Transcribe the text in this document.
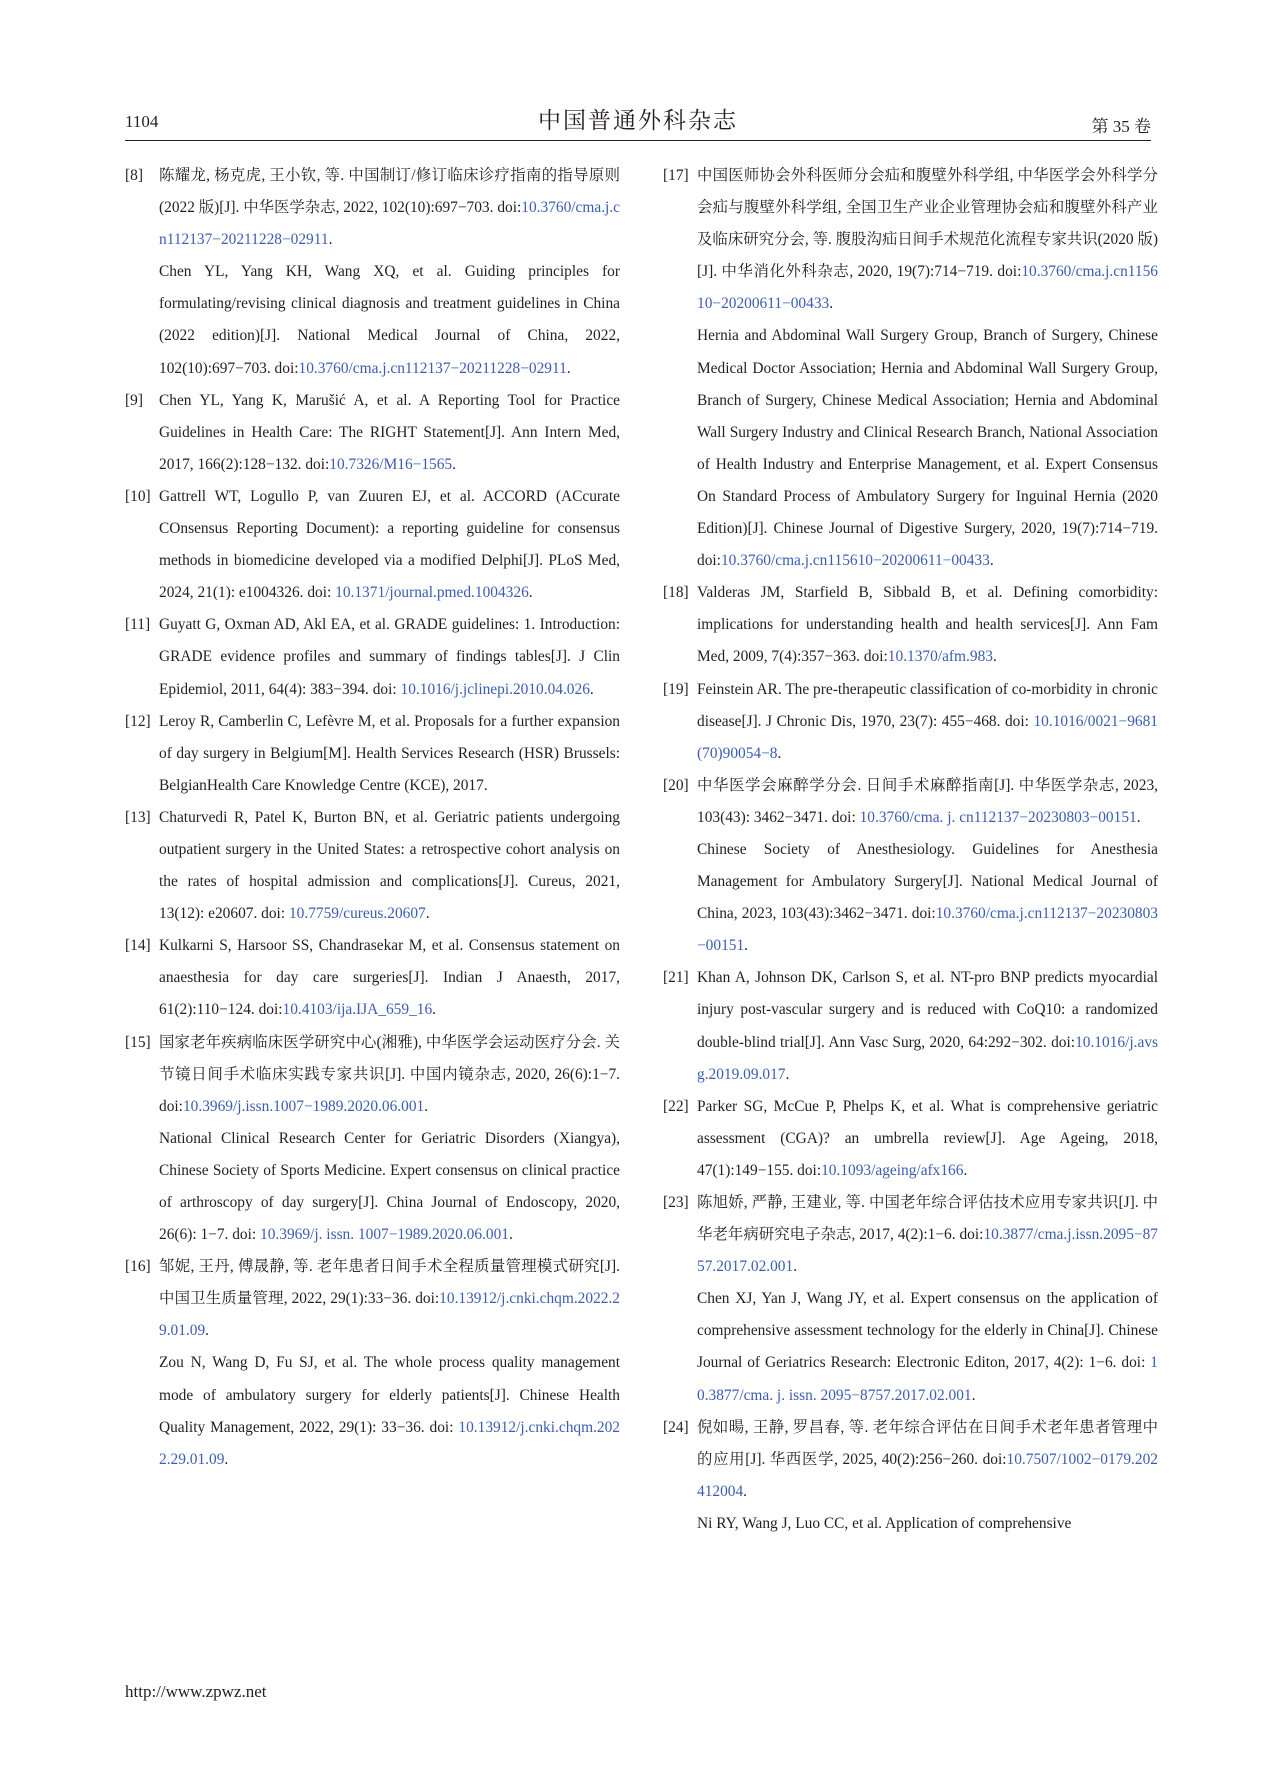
1104	中国普通外科杂志	第 35 卷
[8] 陈耀龙, 杨克虎, 王小钦, 等. 中国制订/修订临床诊疗指南的指导原则(2022 版)[J]. 中华医学杂志, 2022, 102(10):697−703. doi:10.3760/cma.j.cn112137−20211228−02911.
Chen YL, Yang KH, Wang XQ, et al. Guiding principles for formulating/revising clinical diagnosis and treatment guidelines in China (2022 edition)[J]. National Medical Journal of China, 2022, 102(10):697−703. doi:10.3760/cma.j.cn112137−20211228−02911.
[9] Chen YL, Yang K, Marušić A, et al. A Reporting Tool for Practice Guidelines in Health Care: The RIGHT Statement[J]. Ann Intern Med, 2017, 166(2):128−132. doi:10.7326/M16−1565.
[10] Gattrell WT, Logullo P, van Zuuren EJ, et al. ACCORD (ACcurate COnsensus Reporting Document): a reporting guideline for consensus methods in biomedicine developed via a modified Delphi[J]. PLoS Med, 2024, 21(1): e1004326. doi: 10.1371/journal.pmed.1004326.
[11] Guyatt G, Oxman AD, Akl EA, et al. GRADE guidelines: 1. Introduction: GRADE evidence profiles and summary of findings tables[J]. J Clin Epidemiol, 2011, 64(4): 383−394. doi: 10.1016/j.jclinepi.2010.04.026.
[12] Leroy R, Camberlin C, Lefèvre M, et al. Proposals for a further expansion of day surgery in Belgium[M]. Health Services Research (HSR) Brussels: BelgianHealth Care Knowledge Centre (KCE), 2017.
[13] Chaturvedi R, Patel K, Burton BN, et al. Geriatric patients undergoing outpatient surgery in the United States: a retrospective cohort analysis on the rates of hospital admission and complications[J]. Cureus, 2021, 13(12): e20607. doi: 10.7759/cureus.20607.
[14] Kulkarni S, Harsoor SS, Chandrasekar M, et al. Consensus statement on anaesthesia for day care surgeries[J]. Indian J Anaesth, 2017, 61(2):110−124. doi:10.4103/ija.IJA_659_16.
[15] 国家老年疾病临床医学研究中心(湘雅), 中华医学会运动医疗分会. 关节镜日间手术临床实践专家共识[J]. 中国内镜杂志, 2020, 26(6):1−7. doi:10.3969/j.issn.1007−1989.2020.06.001.
National Clinical Research Center for Geriatric Disorders (Xiangya), Chinese Society of Sports Medicine. Expert consensus on clinical practice of arthroscopy of day surgery[J]. China Journal of Endoscopy, 2020, 26(6): 1−7. doi: 10.3969/j. issn. 1007−1989.2020.06.001.
[16] 邹妮, 王丹, 傅晟静, 等. 老年患者日间手术全程质量管理模式研究[J]. 中国卫生质量管理, 2022, 29(1):33−36. doi:10.13912/j.cnki.chqm.2022.29.01.09.
Zou N, Wang D, Fu SJ, et al. The whole process quality management mode of ambulatory surgery for elderly patients[J]. Chinese Health Quality Management, 2022, 29(1): 33−36. doi: 10.13912/j.cnki.chqm.2022.29.01.09.
[17] 中国医师协会外科医师分会疝和腹壁外科学组, 中华医学会外科学分会疝与腹壁外科学组, 全国卫生产业企业管理协会疝和腹壁外科产业及临床研究分会, 等. 腹股沟疝日间手术规范化流程专家共识(2020 版)[J]. 中华消化外科杂志, 2020, 19(7):714−719. doi:10.3760/cma.j.cn115610−20200611−00433.
Hernia and Abdominal Wall Surgery Group, Branch of Surgery, Chinese Medical Doctor Association; Hernia and Abdominal Wall Surgery Group, Branch of Surgery, Chinese Medical Association; Hernia and Abdominal Wall Surgery Industry and Clinical Research Branch, National Association of Health Industry and Enterprise Management, et al. Expert Consensus On Standard Process of Ambulatory Surgery for Inguinal Hernia (2020 Edition)[J]. Chinese Journal of Digestive Surgery, 2020, 19(7):714−719. doi:10.3760/cma.j.cn115610−20200611−00433.
[18] Valderas JM, Starfield B, Sibbald B, et al. Defining comorbidity: implications for understanding health and health services[J]. Ann Fam Med, 2009, 7(4):357−363. doi:10.1370/afm.983.
[19] Feinstein AR. The pre-therapeutic classification of co-morbidity in chronic disease[J]. J Chronic Dis, 1970, 23(7): 455−468. doi: 10.1016/0021−9681(70)90054−8.
[20] 中华医学会麻醉学分会. 日间手术麻醉指南[J]. 中华医学杂志, 2023, 103(43): 3462−3471. doi: 10.3760/cma. j. cn112137−20230803−00151.
Chinese Society of Anesthesiology. Guidelines for Anesthesia Management for Ambulatory Surgery[J]. National Medical Journal of China, 2023, 103(43):3462−3471. doi:10.3760/cma.j.cn112137−20230803−00151.
[21] Khan A, Johnson DK, Carlson S, et al. NT-pro BNP predicts myocardial injury post-vascular surgery and is reduced with CoQ10: a randomized double-blind trial[J]. Ann Vasc Surg, 2020, 64:292−302. doi:10.1016/j.avsg.2019.09.017.
[22] Parker SG, McCue P, Phelps K, et al. What is comprehensive geriatric assessment (CGA)? an umbrella review[J]. Age Ageing, 2018, 47(1):149−155. doi:10.1093/ageing/afx166.
[23] 陈旭娇, 严静, 王建业, 等. 中国老年综合评估技术应用专家共识[J]. 中华老年病研究电子杂志, 2017, 4(2):1−6. doi:10.3877/cma.j.issn.2095−8757.2017.02.001.
Chen XJ, Yan J, Wang JY, et al. Expert consensus on the application of comprehensive assessment technology for the elderly in China[J]. Chinese Journal of Geriatrics Research: Electronic Editon, 2017, 4(2): 1−6. doi: 10.3877/cma. j. issn. 2095−8757.2017.02.001.
[24] 倪如暘, 王静, 罗昌春, 等. 老年综合评估在日间手术老年患者管理中的应用[J]. 华西医学, 2025, 40(2):256−260. doi:10.7507/1002−0179.202412004.
Ni RY, Wang J, Luo CC, et al. Application of comprehensive
http://www.zpwz.net
